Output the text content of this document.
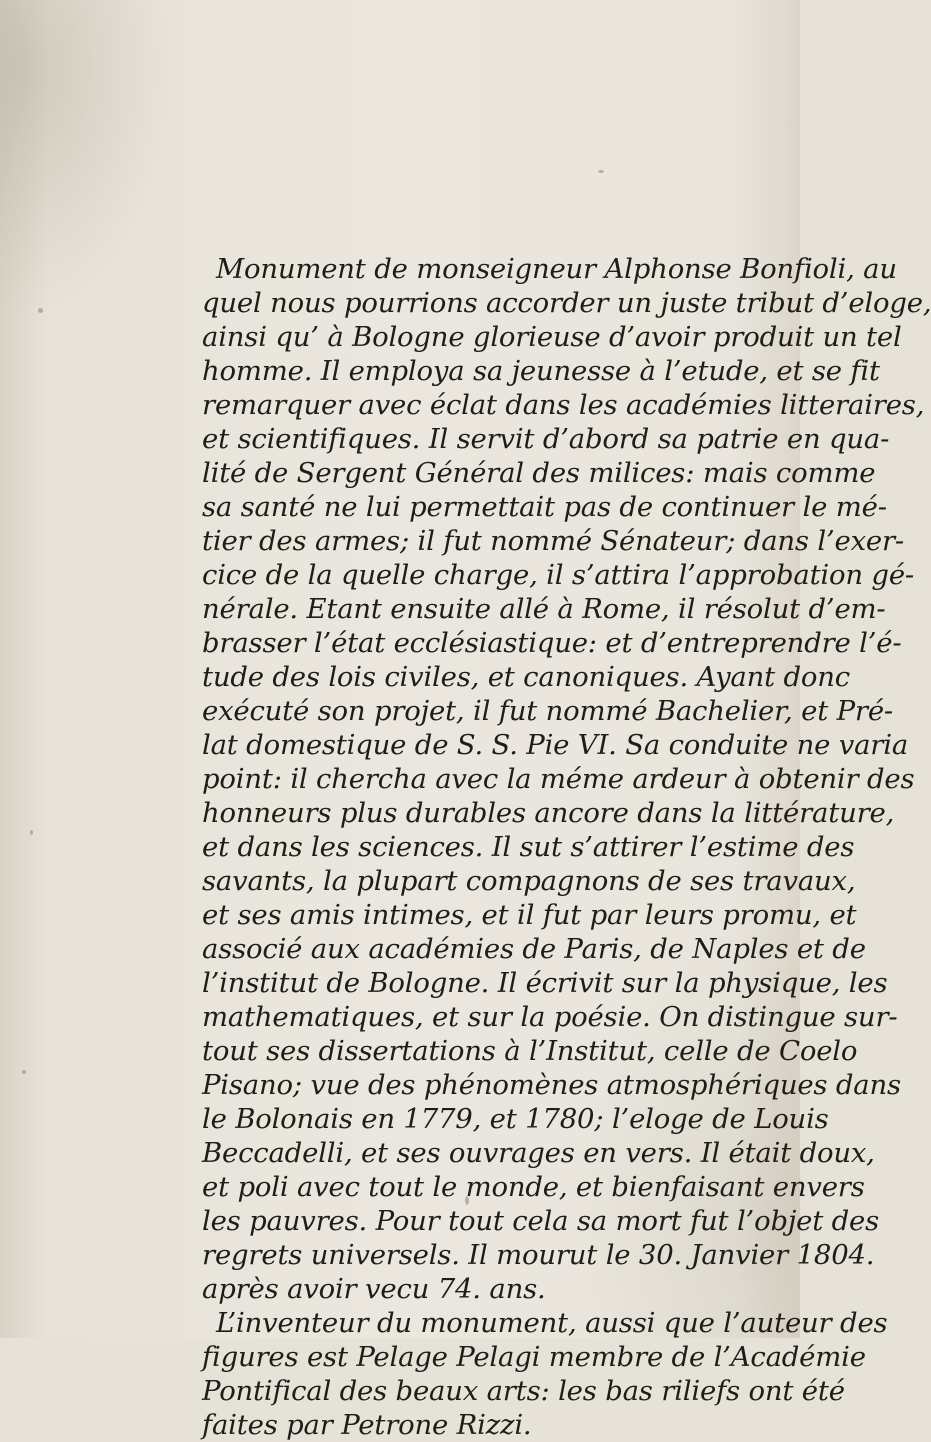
Monument de monseigneur Alphonse Bonfioli, au
quel nous pourrions accorder un juste tribut d’eloge,
ainsi qu’ à Bologne glorieuse d’avoir produit un tel
homme. Il employa sa jeunesse à l’etude, et se fit
remarquer avec éclat dans les académies litteraires,
et scientifiques. Il servit d’abord sa patrie en qua-
lité de Sergent Général des milices: mais comme
sa santé ne lui permettait pas de continuer le mé-
tier des armes; il fut nommé Sénateur; dans l’exer-
cice de la quelle charge, il s’attira l’approbation gé-
nérale. Etant ensuite allé à Rome, il résolut d’em-
brasser l’état ecclésiastique: et d’entreprendre l’é-
tude des lois civiles, et canoniques. Ayant donc
exécuté son projet, il fut nommé Bachelier, et Pré-
lat domestique de S. S. Pie VI. Sa conduite ne varia
point: il chercha avec la méme ardeur à obtenir des
honneurs plus durables ancore dans la littérature,
et dans les sciences. Il sut s’attirer l’estime des
savants, la plupart compagnons de ses travaux,
et ses amis intimes, et il fut par leurs promu, et
associé aux académies de Paris, de Naples et de
l’institut de Bologne. Il écrivit sur la physique, les
mathematiques, et sur la poésie. On distingue sur-
tout ses dissertations à l’Institut, celle de Coelo
Pisano; vue des phénomènes atmosphériques dans
le Bolonais en 1779, et 1780; l’eloge de Louis
Beccadelli, et ses ouvrages en vers. Il était doux,
et poli avec tout le monde, et bienfaisant envers
les pauvres. Pour tout cela sa mort fut l’objet des
regrets universels. Il mourut le 30. Janvier 1804.
après avoir vecu 74. ans.
L’inventeur du monument, aussi que l’auteur des
figures est Pelage Pelagi membre de l’Académie
Pontifical des beaux arts: les bas riliefs ont été
faites par Petrone Rizzi.
